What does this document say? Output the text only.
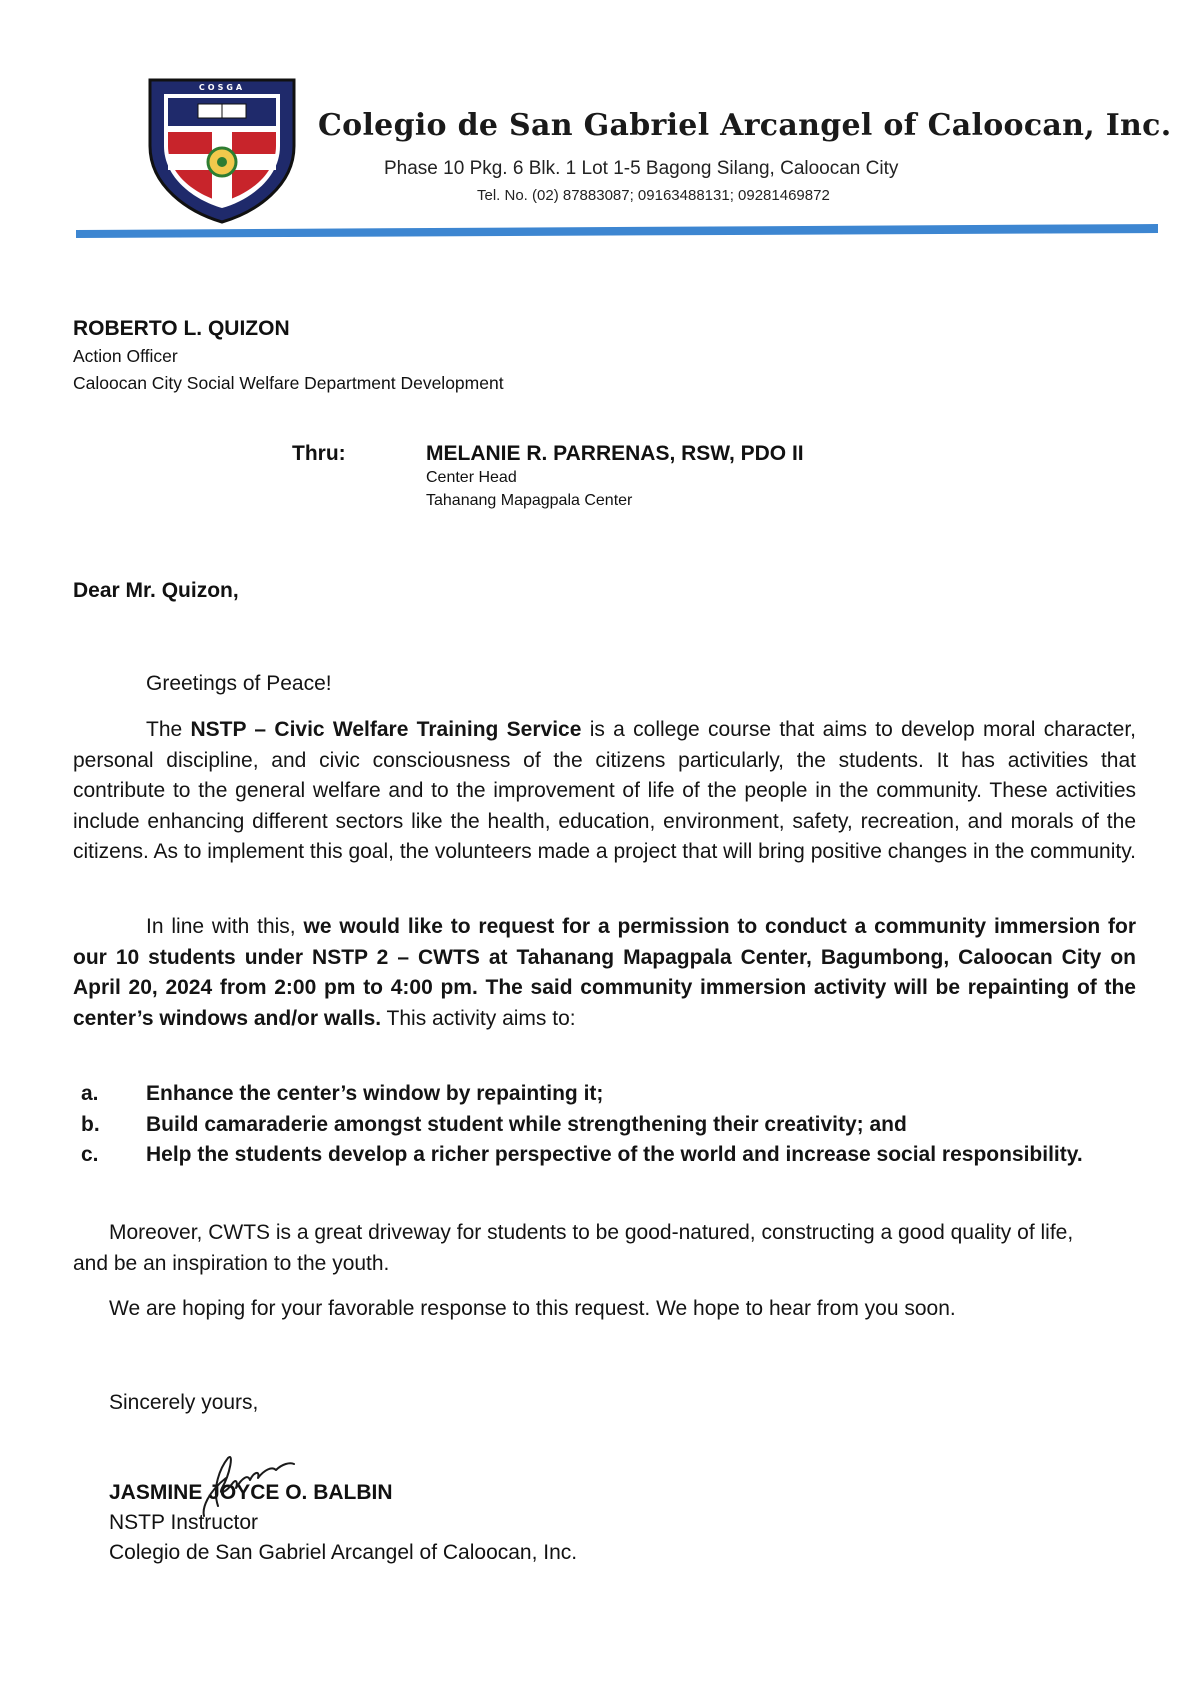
COSGA
Colegio de San Gabriel Arcangel of Caloocan, Inc.
Phase 10 Pkg. 6 Blk. 1 Lot 1-5 Bagong Silang, Caloocan City
Tel. No. (02) 87883087; 09163488131; 09281469872
ROBERTO L. QUIZON
Action Officer
Caloocan City Social Welfare Department Development
Thru:	MELANIE R. PARRENAS, RSW, PDO II
Center Head
Tahanang Mapagpala Center
Dear Mr. Quizon,
Greetings of Peace!

The NSTP – Civic Welfare Training Service is a college course that aims to develop moral character, personal discipline, and civic consciousness of the citizens particularly, the students. It has activities that contribute to the general welfare and to the improvement of life of the people in the community. These activities include enhancing different sectors like the health, education, environment, safety, recreation, and morals of the citizens. As to implement this goal, the volunteers made a project that will bring positive changes in the community.

In line with this, we would like to request for a permission to conduct a community immersion for our 10 students under NSTP 2 – CWTS at Tahanang Mapagpala Center, Bagumbong, Caloocan City on April 20, 2024 from 2:00 pm to 4:00 pm. The said community immersion activity will be repainting of the center’s windows and/or walls. This activity aims to:

a. Enhance the center’s window by repainting it;
b. Build camaraderie amongst student while strengthening their creativity; and
c. Help the students develop a richer perspective of the world and increase social responsibility.

Moreover, CWTS is a great driveway for students to be good-natured, constructing a good quality of life, and be an inspiration to the youth.

We are hoping for your favorable response to this request. We hope to hear from you soon.
Sincerely yours,
JASMINE JOYCE O. BALBIN
NSTP Instructor
Colegio de San Gabriel Arcangel of Caloocan, Inc.
